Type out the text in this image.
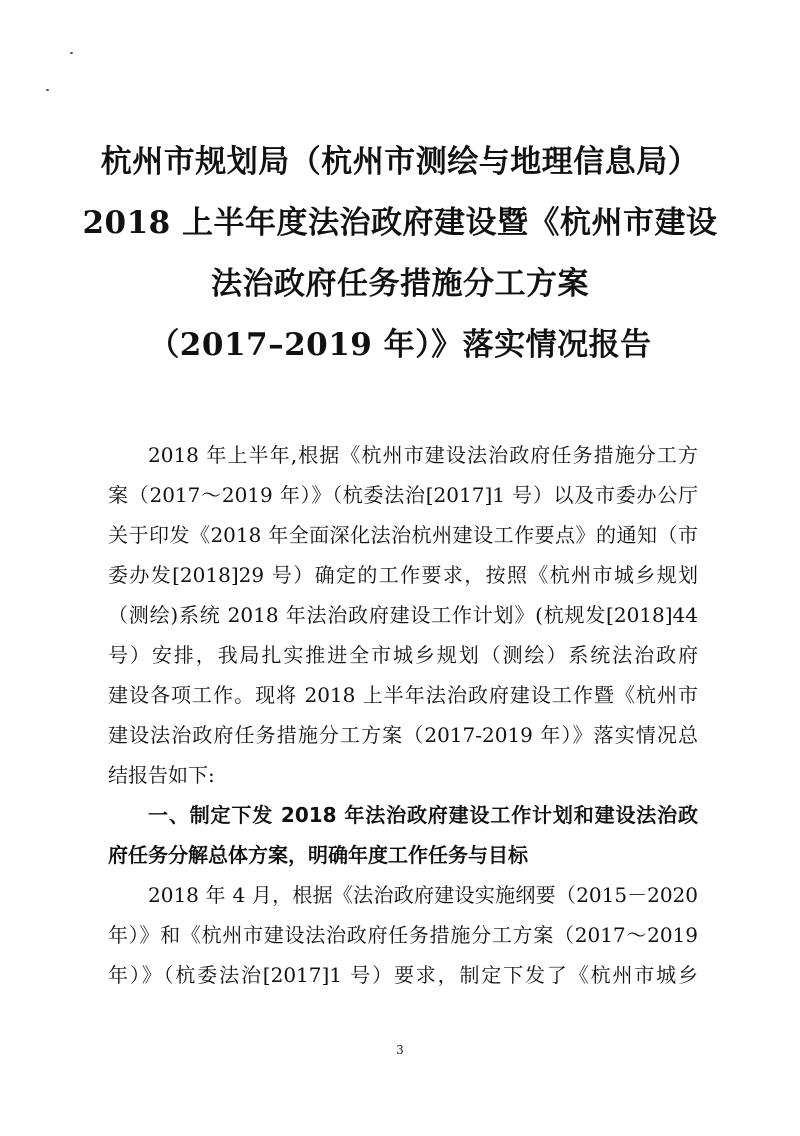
杭州市规划局（杭州市测绘与地理信息局）
2018 上半年度法治政府建设暨《杭州市建设
法治政府任务措施分工方案
（2017–2019 年）》落实情况报告
2018 年上半年,根据《杭州市建设法治政府任务措施分工方
案（2017～2019 年）》（杭委法治[2017]1 号）以及市委办公厅
关于印发《2018 年全面深化法治杭州建设工作要点》的通知（市
委办发[2018]29 号）确定的工作要求，按照《杭州市城乡规划
（测绘)系统 2018 年法治政府建设工作计划》(杭规发[2018]44
号）安排，我局扎实推进全市城乡规划（测绘）系统法治政府
建设各项工作。现将 2018 上半年法治政府建设工作暨《杭州市
建设法治政府任务措施分工方案（2017-2019 年）》落实情况总
结报告如下:
一、制定下发 2018 年法治政府建设工作计划和建设法治政
府任务分解总体方案，明确年度工作任务与目标
2018 年 4 月，根据《法治政府建设实施纲要（2015－2020
年）》和《杭州市建设法治政府任务措施分工方案（2017～2019
年）》（杭委法治[2017]1 号）要求，制定下发了《杭州市城乡
3
